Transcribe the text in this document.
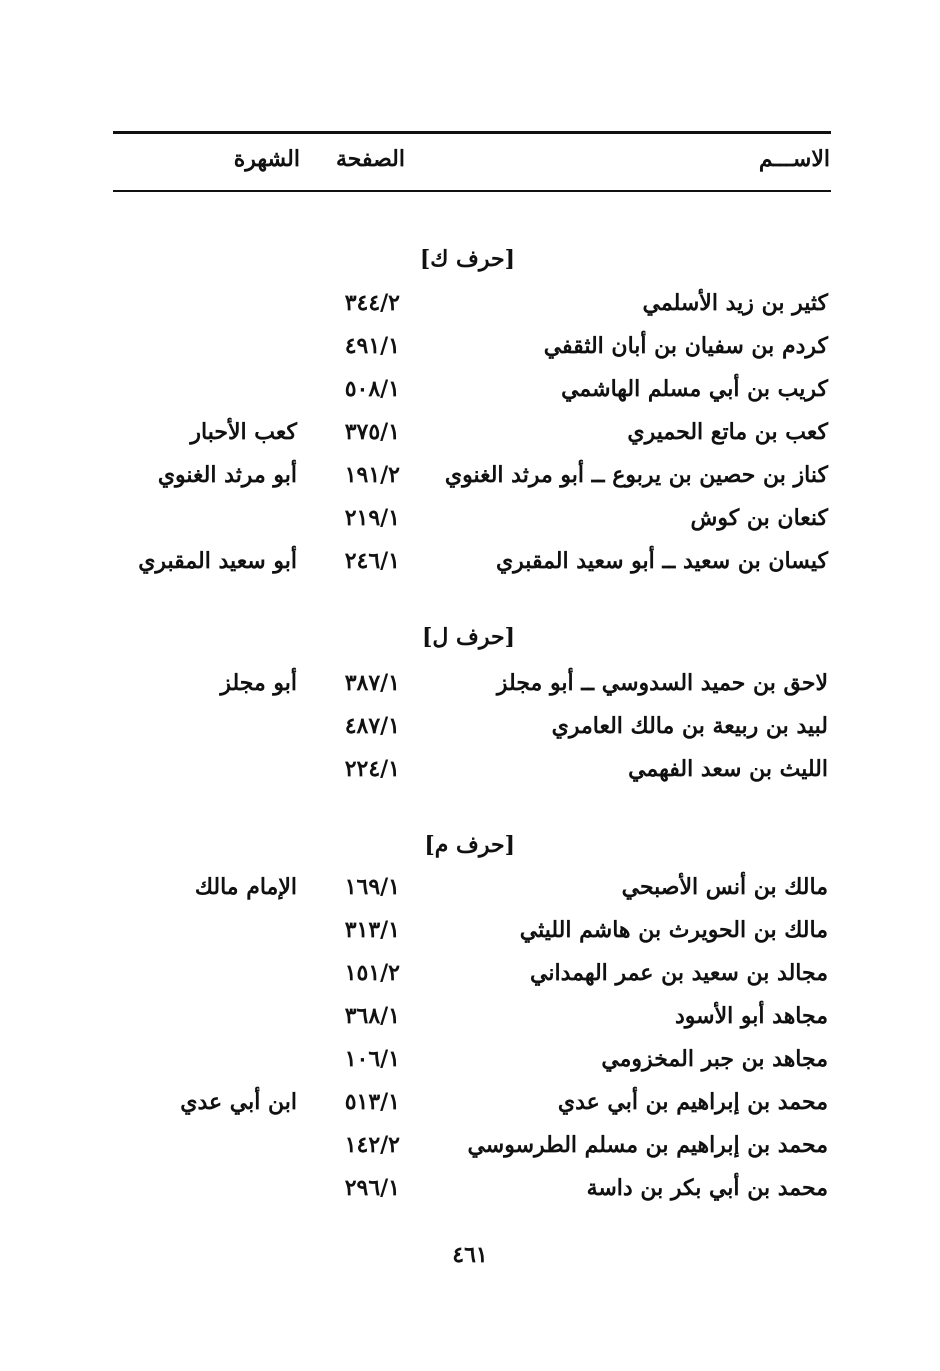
الاســـم
الصفحة
الشهرة
[حرف ك]
كثير بن زيد الأسلمي
٣٤٤/٢
كردم بن سفيان بن أبان الثقفي
٤٩١/١
كريب بن أبي مسلم الهاشمي
٥٠٨/١
كعب بن ماتع الحميري
٣٧٥/١
كعب الأحبار
كناز بن حصين بن يربوع ــ أبو مرثد الغنوي
١٩١/٢
أبو مرثد الغنوي
كنعان بن كوش
٢١٩/١
كيسان بن سعيد ــ أبو سعيد المقبري
٢٤٦/١
أبو سعيد المقبري
[حرف ل]
لاحق بن حميد السدوسي ــ أبو مجلز
٣٨٧/١
أبو مجلز
لبيد بن ربيعة بن مالك العامري
٤٨٧/١
الليث بن سعد الفهمي
٢٢٤/١
[حرف م]
مالك بن أنس الأصبحي
١٦٩/١
الإمام مالك
مالك بن الحويرث بن هاشم الليثي
٣١٣/١
مجالد بن سعيد بن عمر الهمداني
١٥١/٢
مجاهد أبو الأسود
٣٦٨/١
مجاهد بن جبر المخزومي
١٠٦/١
محمد بن إبراهيم بن أبي عدي
٥١٣/١
ابن أبي عدي
محمد بن إبراهيم بن مسلم الطرسوسي
١٤٢/٢
محمد بن أبي بكر بن داسة
٢٩٦/١
٤٦١
